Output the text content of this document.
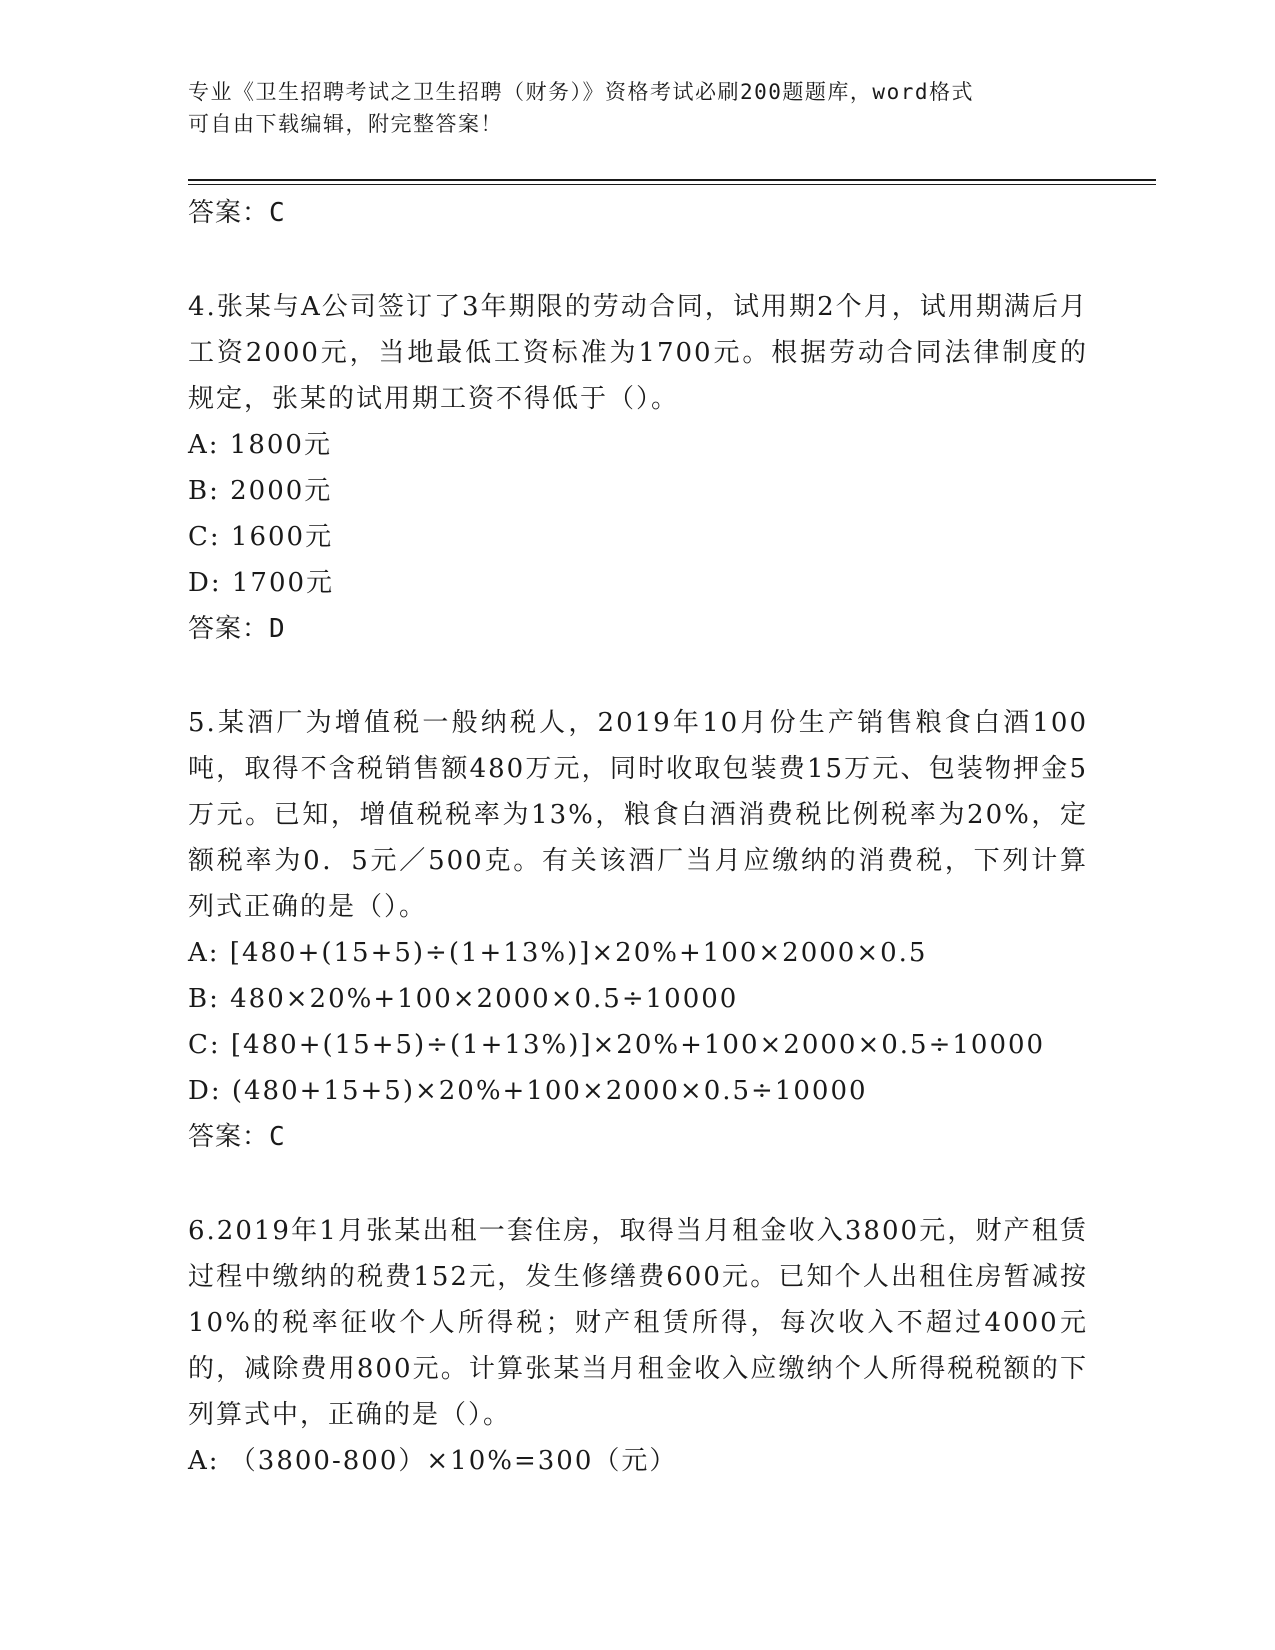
专业《卫生招聘考试之卫生招聘（财务）》资格考试必刷200题题库，word格式
可自由下载编辑，附完整答案！
答案：C
4.张某与A公司签订了3年期限的劳动合同，试用期2个月，试用期满后月工资2000元，当地最低工资标准为1700元。根据劳动合同法律制度的规定，张某的试用期工资不得低于（）。
A: 1800元
B: 2000元
C: 1600元
D: 1700元
答案：D
5.某酒厂为增值税一般纳税人，2019年10月份生产销售粮食白酒100吨，取得不含税销售额480万元，同时收取包装费15万元、包装物押金5万元。已知，增值税税率为13%，粮食白酒消费税比例税率为20%，定额税率为0．5元／500克。有关该酒厂当月应缴纳的消费税，下列计算列式正确的是（）。
A: [480+(15+5)÷(1+13%)]×20%+100×2000×0.5
B: 480×20%+100×2000×0.5÷10000
C: [480+(15+5)÷(1+13%)]×20%+100×2000×0.5÷10000
D: (480+15+5)×20%+100×2000×0.5÷10000
答案：C
6.2019年1月张某出租一套住房，取得当月租金收入3800元，财产租赁过程中缴纳的税费152元，发生修缮费600元。已知个人出租住房暂减按10%的税率征收个人所得税；财产租赁所得，每次收入不超过4000元的，减除费用800元。计算张某当月租金收入应缴纳个人所得税税额的下列算式中，正确的是（）。
A: （3800-800）×10%=300（元）
